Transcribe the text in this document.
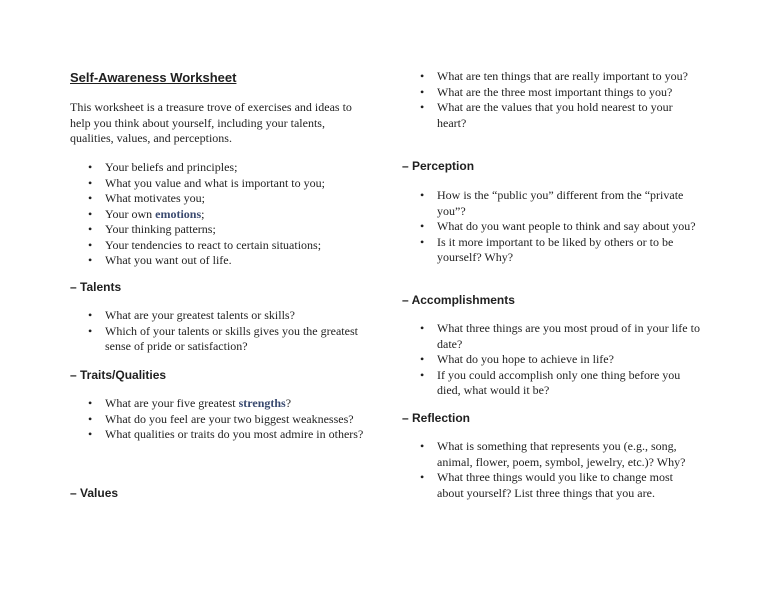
Self-Awareness Worksheet

This worksheet is a treasure trove of exercises and ideas to help you think about yourself, including your talents, qualities, values, and perceptions.

• Your beliefs and principles;
• What you value and what is important to you;
• What motivates you;
• Your own emotions;
• Your thinking patterns;
• Your tendencies to react to certain situations;
• What you want out of life.
– Talents
• What are your greatest talents or skills?
• Which of your talents or skills gives you the greatest sense of pride or satisfaction?
– Traits/Qualities
• What are your five greatest strengths?
• What do you feel are your two biggest weaknesses?
• What qualities or traits do you most admire in others?
– Values
• What are ten things that are really important to you?
• What are the three most important things to you?
• What are the values that you hold nearest to your heart?
– Perception
• How is the “public you” different from the “private you”?
• What do you want people to think and say about you?
• Is it more important to be liked by others or to be yourself? Why?
– Accomplishments
• What three things are you most proud of in your life to date?
• What do you hope to achieve in life?
• If you could accomplish only one thing before you died, what would it be?
– Reflection
• What is something that represents you (e.g., song, animal, flower, poem, symbol, jewelry, etc.)? Why?
• What three things would you like to change most about yourself? List three things that you are.
